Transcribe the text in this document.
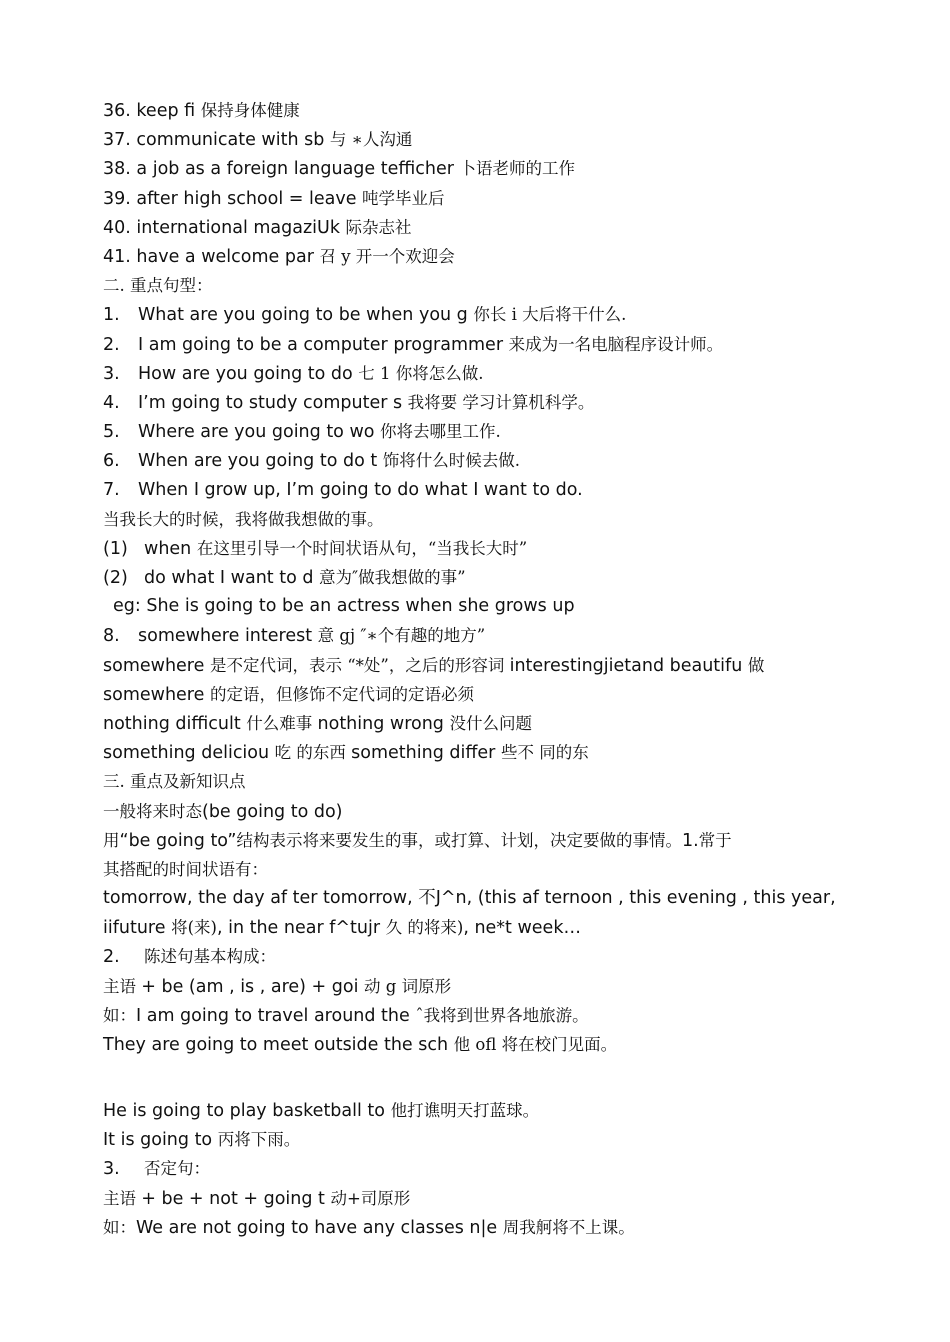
36. keep fi 保持身体健康
37. communicate with sb 与 ∗人沟通
38. a job as a foreign language teffi‌cher 卜语老师的工作
39. after high school = leave 吨学毕业后
40. international magaziUk 际杂志社
41. have a welcome par 召 y 开一个欢迎会
二. 重点句型：
1. What are you going to be when you g 你长 i 大后将干什么.
2. I am going to be a computer programmer 来成为一名电脑程序设计师。
3. How are you going to do 七 1 你将怎么做.
4. I’m going to study computer s 我将要 学习计算机科学。
5. Where are you going to wo 你将去哪里工作.
6. When are you going to do t 饰将什么时候去做.
7. When I grow up, I’m going to do what I want to do.
当我长大的时候，我将做我想做的事。
(1) when 在这里引导一个时间状语从句，“当我长大时”
(2) do what I want to d 意为″做我想做的事”
eg: She is going to be an actress when she grows up
8. somewhere interest 意 gj ″∗个有趣的地方”
somewhere 是不定代词，表示 “*处”，之后的形容词 interestingjietand beautifu 做
somewhere 的定语，但修饰不定代词的定语必须
nothing difficult 什么难事 nothing wrong 没什么问题
something deliciou 吃 的东西 something differ 些不 同的东
三. 重点及新知识点
一般将来时态(be going to do)
用“be going to”结构表示将来要发生的事，或打算、计划，决定要做的事情。1.常于
其搭配的时间状语有：
tomorrow, the day af ter tomorrow, 不J^n, (this af ternoon , this evening , this year,
iifuture 将(来), in the near f^tujr 久 的将来), ne*t week…
2. 陈述句基本构成：
主语 + be (am , is , are) + goi 动 g 词原形
如：I am going to travel around the ˆ我将到世界各地旅游。
They are going to meet outside the sch 他 ofl 将在校门见面。
He is going to play basketball to 他打谯明天打蓝球。
It is going to 丙将下雨。
3. 否定句：
主语 + be + not + going t 动+司原形
如：We are not going to have any classes n|e 周我舸将不上课。
